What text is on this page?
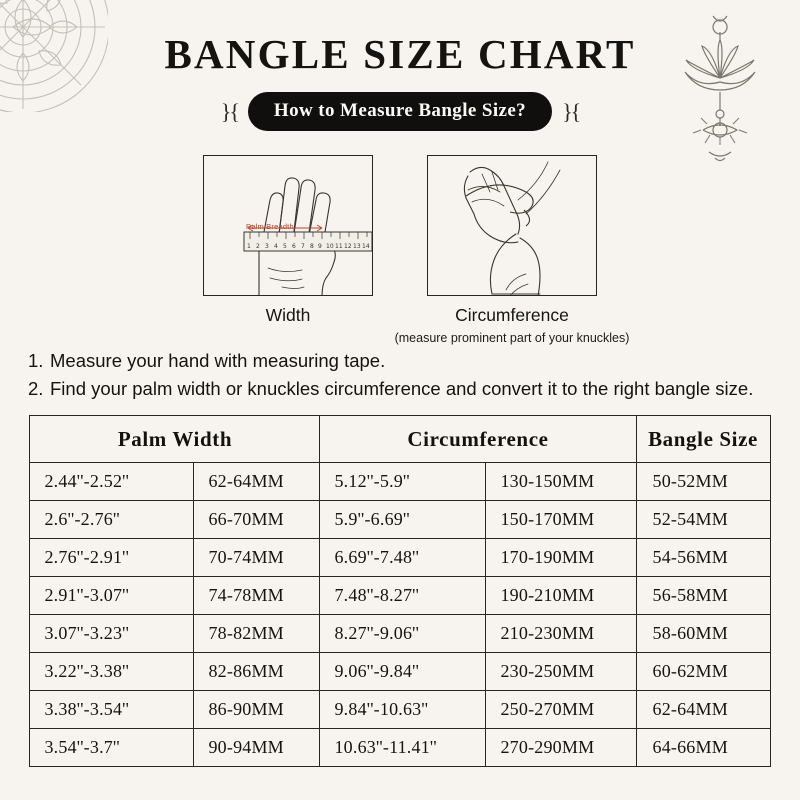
BANGLE SIZE CHART
}{	How to Measure Bangle Size?	}{
1 2 3 4 5 6 7 8 9 10 11 12 13 14
Palm Breadth
Width	Circumference
(measure prominent part of your knuckles)
1. Measure your hand with measuring tape.
2. Find your palm width or knuckles circumference and convert it to the right bangle size.
Palm Width		Circumference		Bangle Size
2.44''-2.52''	62-64MM	5.12''-5.9''	130-150MM	50-52MM
2.6''-2.76''	66-70MM	5.9''-6.69''	150-170MM	52-54MM
2.76''-2.91''	70-74MM	6.69''-7.48''	170-190MM	54-56MM
2.91''-3.07''	74-78MM	7.48''-8.27''	190-210MM	56-58MM
3.07''-3.23''	78-82MM	8.27''-9.06''	210-230MM	58-60MM
3.22''-3.38''	82-86MM	9.06''-9.84''	230-250MM	60-62MM
3.38''-3.54''	86-90MM	9.84''-10.63''	250-270MM	62-64MM
3.54''-3.7''	90-94MM	10.63''-11.41''	270-290MM	64-66MM
